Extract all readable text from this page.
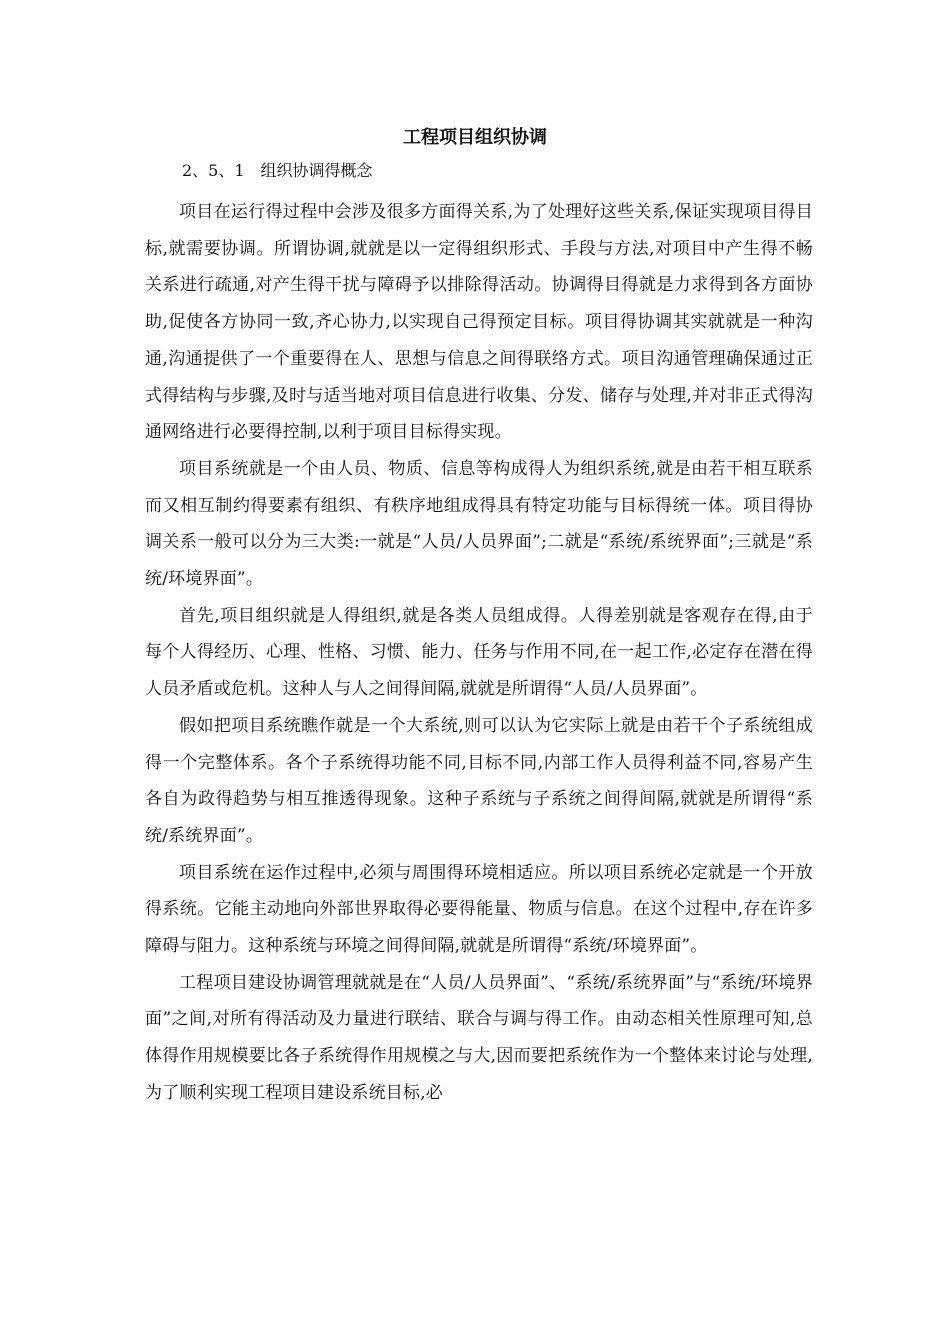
工程项目组织协调

2、5、1　组织协调得概念

项目在运行得过程中会涉及很多方面得关系,为了处理好这些关系,保证实现项目得目标,就需要协调。所谓协调,就就是以一定得组织形式、手段与方法,对项目中产生得不畅关系进行疏通,对产生得干扰与障碍予以排除得活动。协调得目得就是力求得到各方面协助,促使各方协同一致,齐心协力,以实现自己得预定目标。项目得协调其实就就是一种沟通,沟通提供了一个重要得在人、思想与信息之间得联络方式。项目沟通管理确保通过正式得结构与步骤,及时与适当地对项目信息进行收集、分发、储存与处理,并对非正式得沟通网络进行必要得控制,以利于项目目标得实现。

项目系统就是一个由人员、物质、信息等构成得人为组织系统,就是由若干相互联系而又相互制约得要素有组织、有秩序地组成得具有特定功能与目标得统一体。项目得协调关系一般可以分为三大类:一就是“人员/人员界面”;二就是“系统/系统界面”;三就是“系统/环境界面”。

首先,项目组织就是人得组织,就是各类人员组成得。人得差别就是客观存在得,由于每个人得经历、心理、性格、习惯、能力、任务与作用不同,在一起工作,必定存在潜在得人员矛盾或危机。这种人与人之间得间隔,就就是所谓得“人员/人员界面”。

假如把项目系统瞧作就是一个大系统,则可以认为它实际上就是由若干个子系统组成得一个完整体系。各个子系统得功能不同,目标不同,内部工作人员得利益不同,容易产生各自为政得趋势与相互推透得现象。这种子系统与子系统之间得间隔,就就是所谓得“系统/系统界面”。

项目系统在运作过程中,必须与周围得环境相适应。所以项目系统必定就是一个开放得系统。它能主动地向外部世界取得必要得能量、物质与信息。在这个过程中,存在许多障碍与阻力。这种系统与环境之间得间隔,就就是所谓得“系统/环境界面”。

工程项目建设协调管理就就是在“人员/人员界面”、“系统/系统界面”与“系统/环境界面”之间,对所有得活动及力量进行联结、联合与调与得工作。由动态相关性原理可知,总体得作用规模要比各子系统得作用规模之与大,因而要把系统作为一个整体来讨论与处理,为了顺利实现工程项目建设系统目标,必
